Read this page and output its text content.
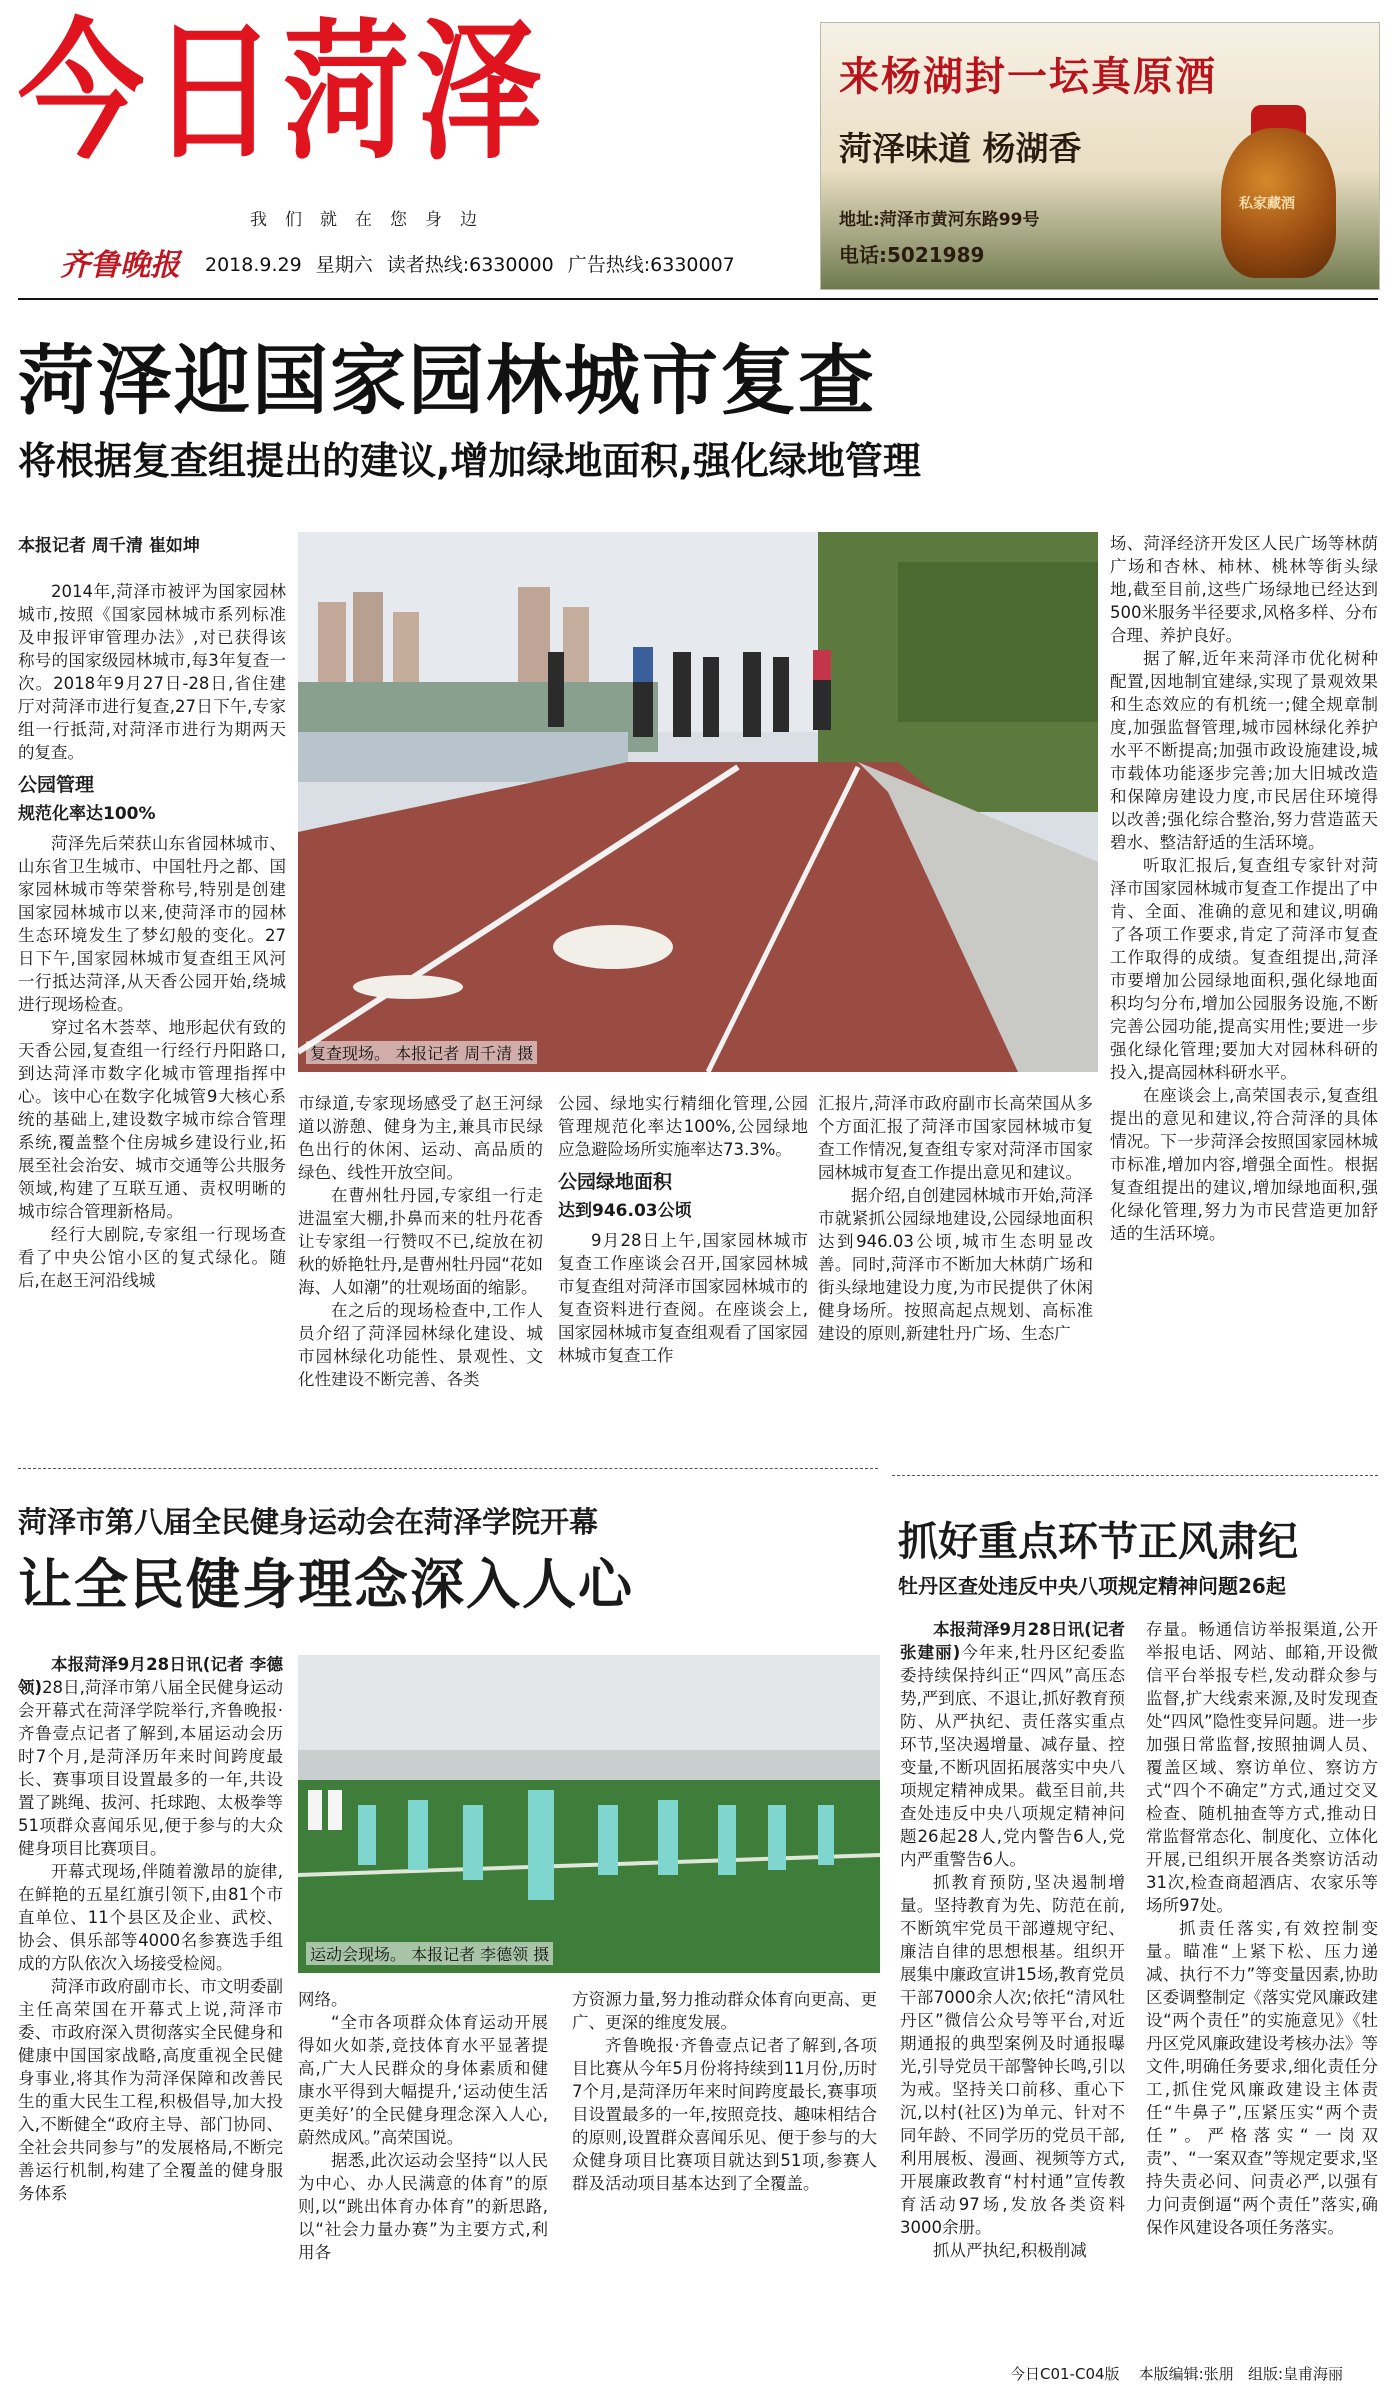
今日菏泽
我们就在您身边
齐鲁晚报 2018.9.29 星期六 读者热线:6330000 广告热线:6330007
来杨湖封一坛真原酒
菏泽味道 杨湖香
私家藏酒
地址:菏泽市黄河东路99号
电话:5021989
菏泽迎国家园林城市复查
将根据复查组提出的建议,增加绿地面积,强化绿地管理
本报记者 周千清 崔如坤
复查现场。 本报记者 周千清 摄

2014年,菏泽市被评为国家园林城市,按照《国家园林城市系列标准及申报评审管理办法》,对已获得该称号的国家级园林城市,每3年复查一次。2018年9月27日-28日,省住建厅对菏泽市进行复查,27日下午,专家组一行抵菏,对菏泽市进行为期两天的复查。

公园管理
规范化率达100%

菏泽先后荣获山东省园林城市、山东省卫生城市、中国牡丹之都、国家园林城市等荣誉称号,特别是创建国家园林城市以来,使菏泽市的园林生态环境发生了梦幻般的变化。27日下午,国家园林城市复查组王风河一行抵达菏泽,从天香公园开始,绕城进行现场检查。

穿过名木荟萃、地形起伏有致的天香公园,复查组一行经行丹阳路口,到达菏泽市数字化城市管理指挥中心。该中心在数字化城管9大核心系统的基础上,建设数字城市综合管理系统,覆盖整个住房城乡建设行业,拓展至社会治安、城市交通等公共服务领域,构建了互联互通、责权明晰的城市综合管理新格局。

经行大剧院,专家组一行现场查看了中央公馆小区的复式绿化。随后,在赵王河沿线城

市绿道,专家现场感受了赵王河绿道以游憩、健身为主,兼具市民绿色出行的休闲、运动、高品质的绿色、线性开放空间。

在曹州牡丹园,专家组一行走进温室大棚,扑鼻而来的牡丹花香让专家组一行赞叹不已,绽放在初秋的娇艳牡丹,是曹州牡丹园“花如海、人如潮”的壮观场面的缩影。

在之后的现场检查中,工作人员介绍了菏泽园林绿化建设、城市园林绿化功能性、景观性、文化性建设不断完善、各类

公园、绿地实行精细化管理,公园管理规范化率达100%,公园绿地应急避险场所实施率达73.3%。

公园绿地面积
达到946.03公顷

9月28日上午,国家园林城市复查工作座谈会召开,国家园林城市复查组对菏泽市国家园林城市的复查资料进行查阅。在座谈会上,国家园林城市复查组观看了国家园林城市复查工作

汇报片,菏泽市政府副市长高荣国从多个方面汇报了菏泽市国家园林城市复查工作情况,复查组专家对菏泽市国家园林城市复查工作提出意见和建议。

据介绍,自创建园林城市开始,菏泽市就紧抓公园绿地建设,公园绿地面积达到946.03公顷,城市生态明显改善。同时,菏泽市不断加大林荫广场和街头绿地建设力度,为市民提供了休闲健身场所。按照高起点规划、高标准建设的原则,新建牡丹广场、生态广

场、菏泽经济开发区人民广场等林荫广场和杏林、柿林、桃林等街头绿地,截至目前,这些广场绿地已经达到500米服务半径要求,风格多样、分布合理、养护良好。

据了解,近年来菏泽市优化树种配置,因地制宜建绿,实现了景观效果和生态效应的有机统一;健全规章制度,加强监督管理,城市园林绿化养护水平不断提高;加强市政设施建设,城市载体功能逐步完善;加大旧城改造和保障房建设力度,市民居住环境得以改善;强化综合整治,努力营造蓝天碧水、整洁舒适的生活环境。

听取汇报后,复查组专家针对菏泽市国家园林城市复查工作提出了中肯、全面、准确的意见和建议,明确了各项工作要求,肯定了菏泽市复查工作取得的成绩。复查组提出,菏泽市要增加公园绿地面积,强化绿地面积均匀分布,增加公园服务设施,不断完善公园功能,提高实用性;要进一步强化绿化管理;要加大对园林科研的投入,提高园林科研水平。

在座谈会上,高荣国表示,复查组提出的意见和建议,符合菏泽的具体情况。下一步菏泽会按照国家园林城市标准,增加内容,增强全面性。根据复查组提出的建议,增加绿地面积,强化绿化管理,努力为市民营造更加舒适的生活环境。

菏泽市第八届全民健身运动会在菏泽学院开幕
让全民健身理念深入人心
运动会现场。 本报记者 李德领 摄

本报菏泽9月28日讯(记者 李德领)28日,菏泽市第八届全民健身运动会开幕式在菏泽学院举行,齐鲁晚报·齐鲁壹点记者了解到,本届运动会历时7个月,是菏泽历年来时间跨度最长、赛事项目设置最多的一年,共设置了跳绳、拔河、托球跑、太极拳等51项群众喜闻乐见,便于参与的大众健身项目比赛项目。

开幕式现场,伴随着激昂的旋律,在鲜艳的五星红旗引领下,由81个市直单位、11个县区及企业、武校、协会、俱乐部等4000名参赛选手组成的方队依次入场接受检阅。

菏泽市政府副市长、市文明委副主任高荣国在开幕式上说,菏泽市委、市政府深入贯彻落实全民健身和健康中国国家战略,高度重视全民健身事业,将其作为菏泽保障和改善民生的重大民生工程,积极倡导,加大投入,不断健全“政府主导、部门协同、全社会共同参与”的发展格局,不断完善运行机制,构建了全覆盖的健身服务体系

网络。

“全市各项群众体育运动开展得如火如荼,竞技体育水平显著提高,广大人民群众的身体素质和健康水平得到大幅提升,‘运动使生活更美好’的全民健身理念深入人心,蔚然成风。”高荣国说。

据悉,此次运动会坚持“以人民为中心、办人民满意的体育”的原则,以“跳出体育办体育”的新思路,以“社会力量办赛”为主要方式,利用各

方资源力量,努力推动群众体育向更高、更广、更深的维度发展。

齐鲁晚报·齐鲁壹点记者了解到,各项目比赛从今年5月份将持续到11月份,历时7个月,是菏泽历年来时间跨度最长,赛事项目设置最多的一年,按照竞技、趣味相结合的原则,设置群众喜闻乐见、便于参与的大众健身项目比赛项目就达到51项,参赛人群及活动项目基本达到了全覆盖。

抓好重点环节正风肃纪
牡丹区查处违反中央八项规定精神问题26起

本报菏泽9月28日讯(记者 张建丽)今年来,牡丹区纪委监委持续保持纠正“四风”高压态势,严到底、不退让,抓好教育预防、从严执纪、责任落实重点环节,坚决遏增量、减存量、控变量,不断巩固拓展落实中央八项规定精神成果。截至目前,共查处违反中央八项规定精神问题26起28人,党内警告6人,党内严重警告6人。

抓教育预防,坚决遏制增量。坚持教育为先、防范在前,不断筑牢党员干部遵规守纪、廉洁自律的思想根基。组织开展集中廉政宣讲15场,教育党员干部7000余人次;依托“清风牡丹区”微信公众号等平台,对近期通报的典型案例及时通报曝光,引导党员干部警钟长鸣,引以为戒。坚持关口前移、重心下沉,以村(社区)为单元、针对不同年龄、不同学历的党员干部,利用展板、漫画、视频等方式,开展廉政教育“村村通”宣传教育活动97场,发放各类资料3000余册。

抓从严执纪,积极削减

存量。畅通信访举报渠道,公开举报电话、网站、邮箱,开设微信平台举报专栏,发动群众参与监督,扩大线索来源,及时发现查处“四风”隐性变异问题。进一步加强日常监督,按照抽调人员、覆盖区域、察访单位、察访方式“四个不确定”方式,通过交叉检查、随机抽查等方式,推动日常监督常态化、制度化、立体化开展,已组织开展各类察访活动31次,检查商超酒店、农家乐等场所97处。

抓责任落实,有效控制变量。瞄准“上紧下松、压力递减、执行不力”等变量因素,协助区委调整制定《落实党风廉政建设“两个责任”的实施意见》《牡丹区党风廉政建设考核办法》等文件,明确任务要求,细化责任分工,抓住党风廉政建设主体责任“牛鼻子”,压紧压实“两个责任”。严格落实“一岗双责”、“一案双查”等规定要求,坚持失责必问、问责必严,以强有力问责倒逼“两个责任”落实,确保作风建设各项任务落实。

今日C01-C04版 本版编辑:张朋 组版:皇甫海丽
